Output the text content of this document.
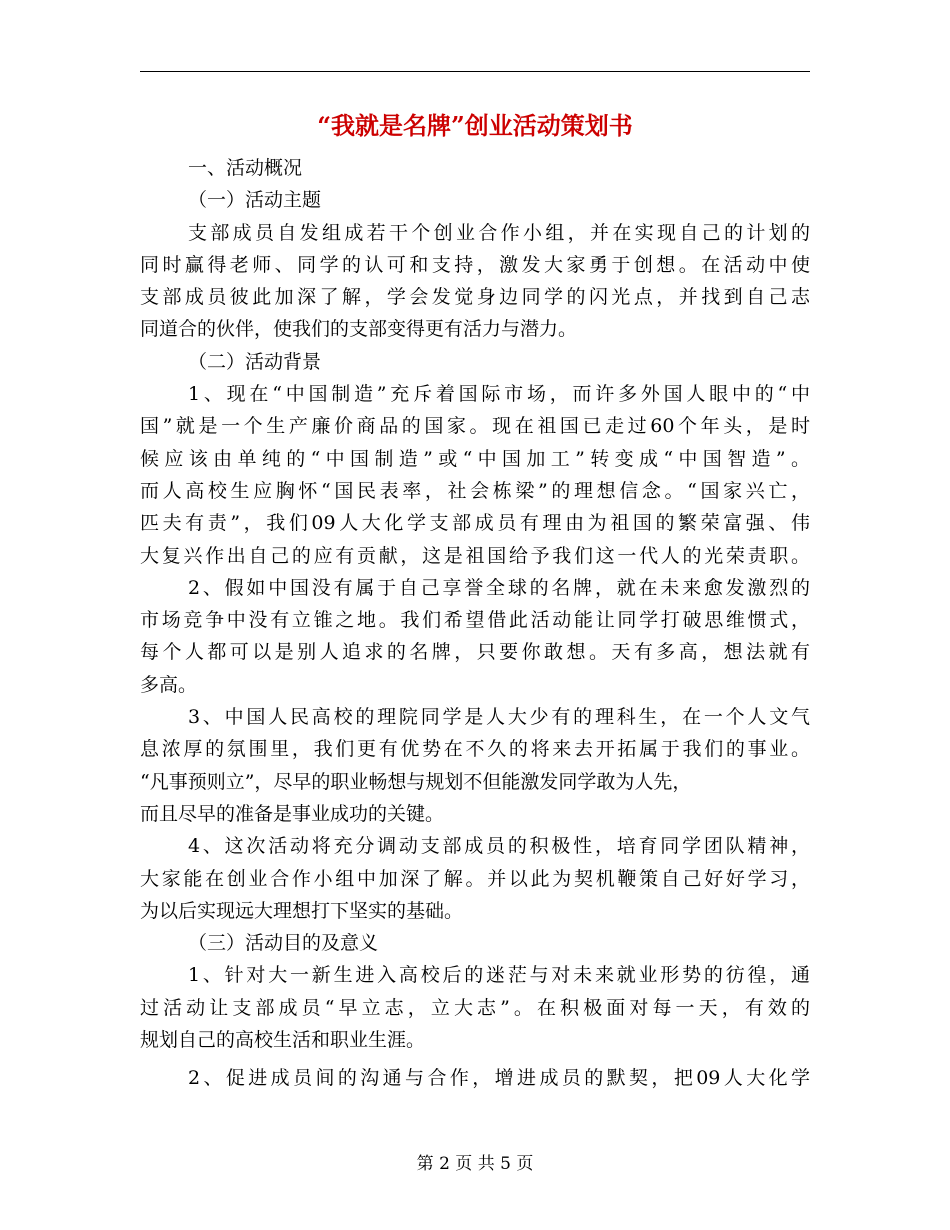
“我就是名牌”创业活动策划书
一、活动概况
（一）活动主题
支部成员自发组成若干个创业合作小组，并在实现自己的计划的
同时赢得老师、同学的认可和支持，激发大家勇于创想。在活动中使
支部成员彼此加深了解，学会发觉身边同学的闪光点，并找到自己志
同道合的伙伴，使我们的支部变得更有活力与潜力。
（二）活动背景
1、现在“中国制造”充斥着国际市场，而许多外国人眼中的“中
国”就是一个生产廉价商品的国家。现在祖国已走过60个年头，是时
候应该由单纯的“中国制造”或“中国加工”转变成“中国智造”。
而人高校生应胸怀“国民表率，社会栋梁”的理想信念。“国家兴亡，
匹夫有责”，我们09人大化学支部成员有理由为祖国的繁荣富强、伟
大复兴作出自己的应有贡献，这是祖国给予我们这一代人的光荣责职。
2、假如中国没有属于自己享誉全球的名牌，就在未来愈发激烈的
市场竞争中没有立锥之地。我们希望借此活动能让同学打破思维惯式，
每个人都可以是别人追求的名牌，只要你敢想。天有多高，想法就有
多高。
3、中国人民高校的理院同学是人大少有的理科生，在一个人文气
息浓厚的氛围里，我们更有优势在不久的将来去开拓属于我们的事业。
“凡事预则立”，尽早的职业畅想与规划不但能激发同学敢为人先，
而且尽早的准备是事业成功的关键。
4、这次活动将充分调动支部成员的积极性，培育同学团队精神，
大家能在创业合作小组中加深了解。并以此为契机鞭策自己好好学习，
为以后实现远大理想打下坚实的基础。
（三）活动目的及意义
1、针对大一新生进入高校后的迷茫与对未来就业形势的彷徨，通
过活动让支部成员“早立志，立大志”。在积极面对每一天，有效的
规划自己的高校生活和职业生涯。
2、促进成员间的沟通与合作，增进成员的默契，把09人大化学
第 2 页 共 5 页
